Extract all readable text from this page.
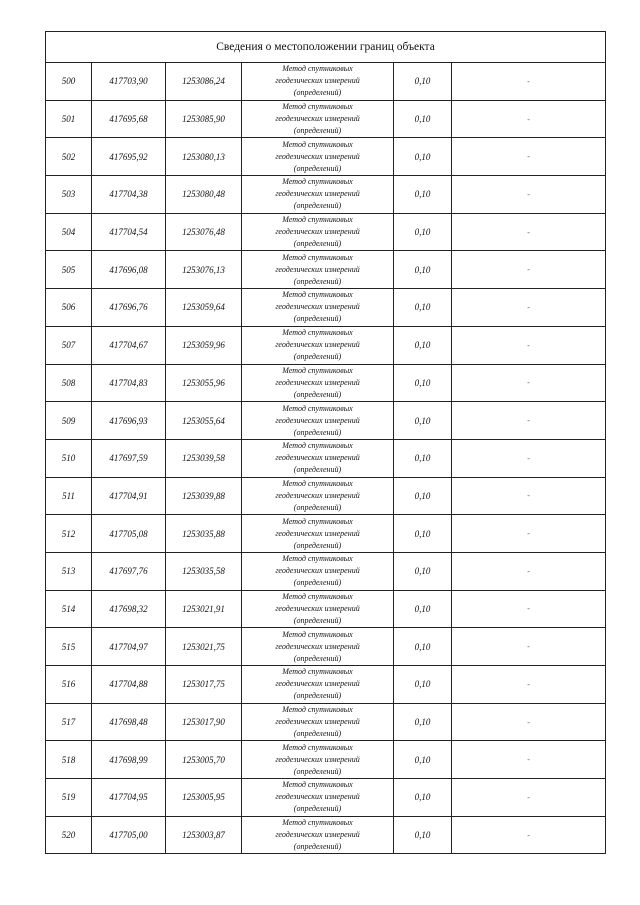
Сведения о местоположении границ объекта					
500	417703,90	1253086,24	Метод спутниковых
геодезических измерений
(определений)	0,10	-
501	417695,68	1253085,90	Метод спутниковых
геодезических измерений
(определений)	0,10	-
502	417695,92	1253080,13	Метод спутниковых
геодезических измерений
(определений)	0,10	-
503	417704,38	1253080,48	Метод спутниковых
геодезических измерений
(определений)	0,10	-
504	417704,54	1253076,48	Метод спутниковых
геодезических измерений
(определений)	0,10	-
505	417696,08	1253076,13	Метод спутниковых
геодезических измерений
(определений)	0,10	-
506	417696,76	1253059,64	Метод спутниковых
геодезических измерений
(определений)	0,10	-
507	417704,67	1253059,96	Метод спутниковых
геодезических измерений
(определений)	0,10	-
508	417704,83	1253055,96	Метод спутниковых
геодезических измерений
(определений)	0,10	-
509	417696,93	1253055,64	Метод спутниковых
геодезических измерений
(определений)	0,10	-
510	417697,59	1253039,58	Метод спутниковых
геодезических измерений
(определений)	0,10	-
511	417704,91	1253039,88	Метод спутниковых
геодезических измерений
(определений)	0,10	-
512	417705,08	1253035,88	Метод спутниковых
геодезических измерений
(определений)	0,10	-
513	417697,76	1253035,58	Метод спутниковых
геодезических измерений
(определений)	0,10	-
514	417698,32	1253021,91	Метод спутниковых
геодезических измерений
(определений)	0,10	-
515	417704,97	1253021,75	Метод спутниковых
геодезических измерений
(определений)	0,10	-
516	417704,88	1253017,75	Метод спутниковых
геодезических измерений
(определений)	0,10	-
517	417698,48	1253017,90	Метод спутниковых
геодезических измерений
(определений)	0,10	-
518	417698,99	1253005,70	Метод спутниковых
геодезических измерений
(определений)	0,10	-
519	417704,95	1253005,95	Метод спутниковых
геодезических измерений
(определений)	0,10	-
520	417705,00	1253003,87	Метод спутниковых
геодезических измерений
(определений)	0,10	-
